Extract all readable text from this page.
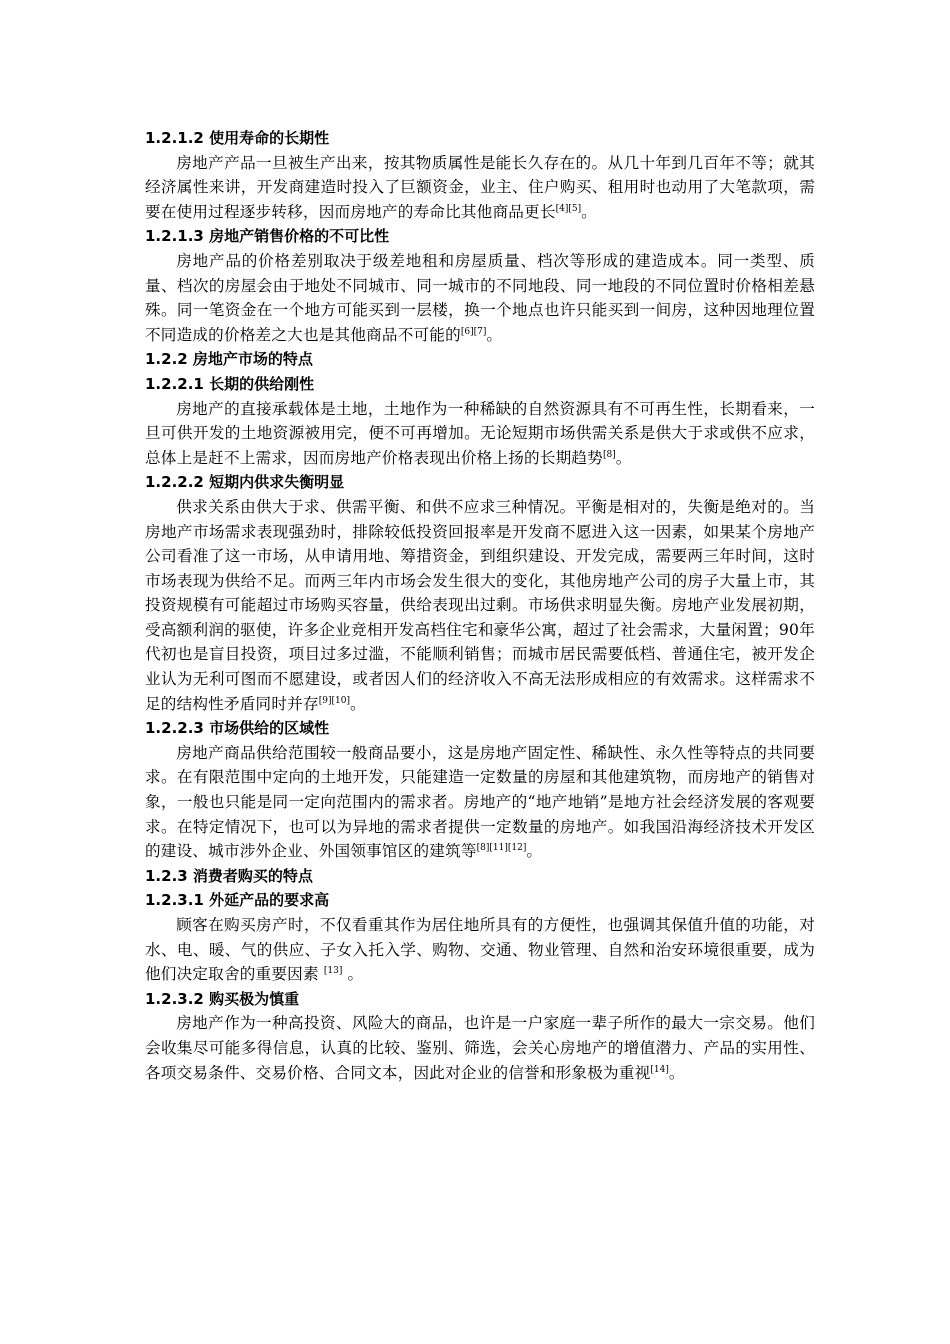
1.2.1.2 使用寿命的长期性

房地产产品一旦被生产出来，按其物质属性是能长久存在的。从几十年到几百年不等；就其经济属性来讲，开发商建造时投入了巨额资金，业主、住户购买、租用时也动用了大笔款项，需要在使用过程逐步转移，因而房地产的寿命比其他商品更长[4][5]。

1.2.1.3 房地产销售价格的不可比性

房地产品的价格差别取决于级差地租和房屋质量、档次等形成的建造成本。同一类型、质量、档次的房屋会由于地处不同城市、同一城市的不同地段、同一地段的不同位置时价格相差悬殊。同一笔资金在一个地方可能买到一层楼，换一个地点也许只能买到一间房，这种因地理位置不同造成的价格差之大也是其他商品不可能的[6][7]。

1.2.2 房地产市场的特点
1.2.2.1 长期的供给刚性

房地产的直接承载体是土地，土地作为一种稀缺的自然资源具有不可再生性，长期看来，一旦可供开发的土地资源被用完，便不可再增加。无论短期市场供需关系是供大于求或供不应求，总体上是赶不上需求，因而房地产价格表现出价格上扬的长期趋势[8]。

1.2.2.2 短期内供求失衡明显

供求关系由供大于求、供需平衡、和供不应求三种情况。平衡是相对的，失衡是绝对的。当房地产市场需求表现强劲时，排除较低投资回报率是开发商不愿进入这一因素，如果某个房地产公司看准了这一市场，从申请用地、筹措资金，到组织建设、开发完成，需要两三年时间，这时市场表现为供给不足。而两三年内市场会发生很大的变化，其他房地产公司的房子大量上市，其投资规模有可能超过市场购买容量，供给表现出过剩。市场供求明显失衡。房地产业发展初期，受高额利润的驱使，许多企业竞相开发高档住宅和豪华公寓，超过了社会需求，大量闲置；90年代初也是盲目投资，项目过多过滥，不能顺利销售；而城市居民需要低档、普通住宅，被开发企业认为无利可图而不愿建设，或者因人们的经济收入不高无法形成相应的有效需求。这样需求不足的结构性矛盾同时并存[9][10]。

1.2.2.3 市场供给的区域性

房地产商品供给范围较一般商品要小，这是房地产固定性、稀缺性、永久性等特点的共同要求。在有限范围中定向的土地开发，只能建造一定数量的房屋和其他建筑物，而房地产的销售对象，一般也只能是同一定向范围内的需求者。房地产的“地产地销”是地方社会经济发展的客观要求。在特定情况下，也可以为异地的需求者提供一定数量的房地产。如我国沿海经济技术开发区的建设、城市涉外企业、外国领事馆区的建筑等[8][11][12]。

1.2.3 消费者购买的特点
1.2.3.1 外延产品的要求高

顾客在购买房产时，不仅看重其作为居住地所具有的方便性，也强调其保值升值的功能，对水、电、暖、气的供应、子女入托入学、购物、交通、物业管理、自然和治安环境很重要，成为他们决定取舍的重要因素 [13] 。

1.2.3.2 购买极为慎重

房地产作为一种高投资、风险大的商品，也许是一户家庭一辈子所作的最大一宗交易。他们会收集尽可能多得信息，认真的比较、鉴别、筛选，会关心房地产的增值潜力、产品的实用性、各项交易条件、交易价格、合同文本，因此对企业的信誉和形象极为重视[14]。
